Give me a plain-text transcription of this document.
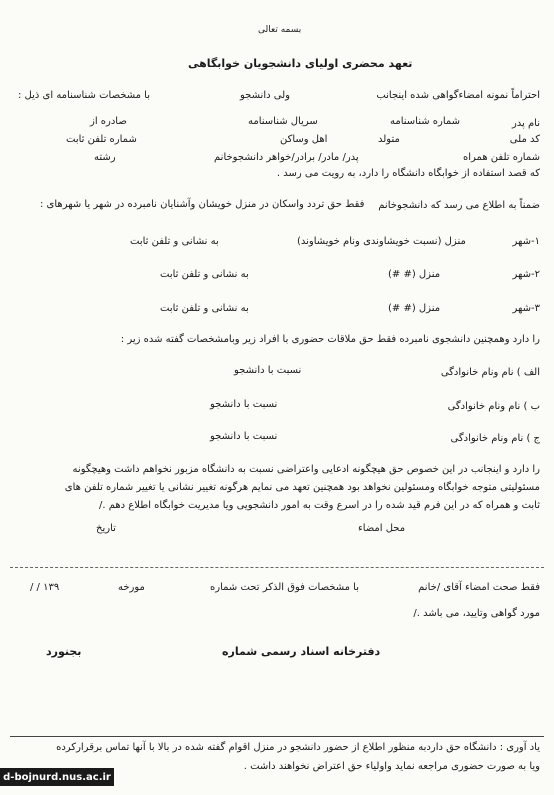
بسمه تعالی
تعهد محضری اولیای دانشجویان خوابگاهی
احتراماً نمونه امضاءگواهی شده اینجانب
ولی دانشجو
با مشخصات شناسنامه ای ذیل :
نام پدر
شماره شناسنامه
سریال شناسنامه
صادره از
کد ملی
متولد
اهل وساکن
شماره تلفن ثابت
شماره تلفن همراه
پدر/ مادر/ برادر/خواهر دانشجوخانم
رشته
که قصد استفاده از خوابگاه دانشگاه را دارد، به رویت می رسد .
ضمناً به اطلاع می رسد که دانشجوخانم
فقط حق تردد واسکان در منزل خویشان وآشنایان نامبرده در شهر یا شهرهای :
۱-شهر
منزل (نسبت خویشاوندی ونام خویشاوند)
به نشانی و تلفن ثابت
۲-شهر
منزل (# #)
به نشانی و تلفن ثابت
۳-شهر
منزل (# #)
به نشانی و تلفن ثابت
را دارد وهمچنین دانشجوی نامبرده فقط حق ملاقات حضوری با افراد زیر وبامشخصات گفته شده زیر :
الف ) نام ونام خانوادگی
نسبت با دانشجو
ب ) نام ونام خانوادگی
نسبت با دانشجو
ج ) نام ونام خانوادگی
نسبت با دانشجو
را دارد و اینجانب در این خصوص حق هیچگونه ادعایی واعتراضی نسبت به دانشگاه مزبور نخواهم داشت وهیچگونه
مسئولیتی متوجه خوابگاه ومسئولین نخواهد بود همچنین تعهد می نمایم هرگونه تغییر نشانی یا تغییر شماره تلفن های
ثابت و همراه که در این فرم قید شده را در اسرع وقت به امور دانشجویی ویا مدیریت خوابگاه اطلاع دهم ./
محل امضاء
تاریخ
فقط صحت امضاء آقای /خانم
با مشخصات فوق الذکر تحت شماره
مورخه
/ / ۱۳۹
مورد گواهی وتایید، می باشد ./
دفترخانه اسناد رسمی شماره
بجنورد
یاد آوری : دانشگاه حق داردبه منظور اطلاع از حضور دانشجو در منزل اقوام گفته شده در بالا با آنها تماس برقرارکرده
ویا به صورت حضوری مراجعه نماید واولیاء حق اعتراض نخواهند داشت .
d-bojnurd.nus.ac.ir
